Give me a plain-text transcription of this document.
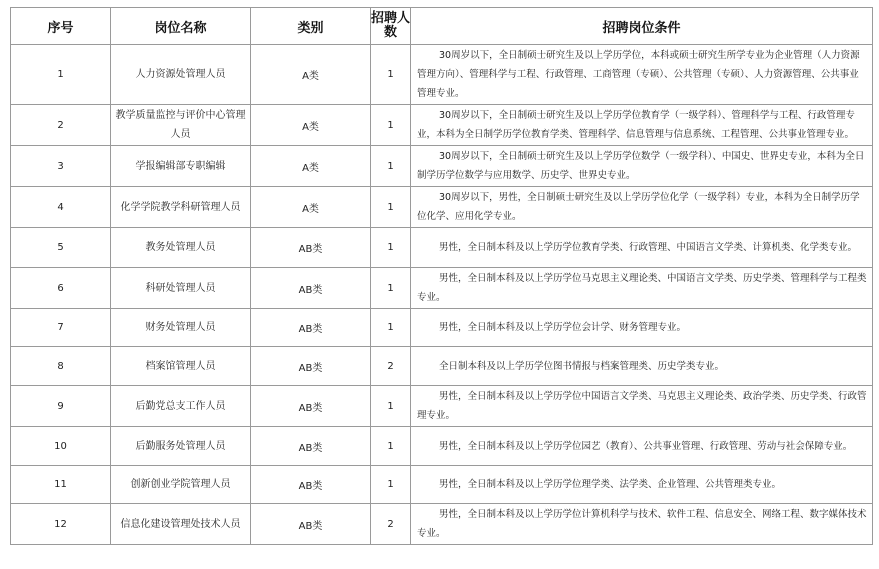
序号	岗位名称	类别	招聘人数	招聘岗位条件
1	人力资源处管理人员	A类	1	30周岁以下，全日制硕士研究生及以上学历学位，本科或硕士研究生所学专业为企业管理（人力资源管理方向）、管理科学与工程、行政管理、工商管理（专硕）、公共管理（专硕）、人力资源管理、公共事业管理专业。
2	教学质量监控与评价中心管理人员	A类	1	30周岁以下，全日制硕士研究生及以上学历学位教育学（一级学科）、管理科学与工程、行政管理专业，本科为全日制学历学位教育学类、管理科学、信息管理与信息系统、工程管理、公共事业管理专业。
3	学报编辑部专职编辑	A类	1	30周岁以下，全日制硕士研究生及以上学历学位数学（一级学科）、中国史、世界史专业，本科为全日制学历学位数学与应用数学、历史学、世界史专业。
4	化学学院教学科研管理人员	A类	1	30周岁以下，男性，全日制硕士研究生及以上学历学位化学（一级学科）专业，本科为全日制学历学位化学、应用化学专业。
5	教务处管理人员	AB类	1	男性，全日制本科及以上学历学位教育学类、行政管理、中国语言文学类、计算机类、化学类专业。
6	科研处管理人员	AB类	1	男性，全日制本科及以上学历学位马克思主义理论类、中国语言文学类、历史学类、管理科学与工程类专业。
7	财务处管理人员	AB类	1	男性，全日制本科及以上学历学位会计学、财务管理专业。
8	档案馆管理人员	AB类	2	全日制本科及以上学历学位图书情报与档案管理类、历史学类专业。
9	后勤党总支工作人员	AB类	1	男性，全日制本科及以上学历学位中国语言文学类、马克思主义理论类、政治学类、历史学类、行政管理专业。
10	后勤服务处管理人员	AB类	1	男性，全日制本科及以上学历学位园艺（教育）、公共事业管理、行政管理、劳动与社会保障专业。
11	创新创业学院管理人员	AB类	1	男性，全日制本科及以上学历学位理学类、法学类、企业管理、公共管理类专业。
12	信息化建设管理处技术人员	AB类	2	男性，全日制本科及以上学历学位计算机科学与技术、软件工程、信息安全、网络工程、数字媒体技术专业。
